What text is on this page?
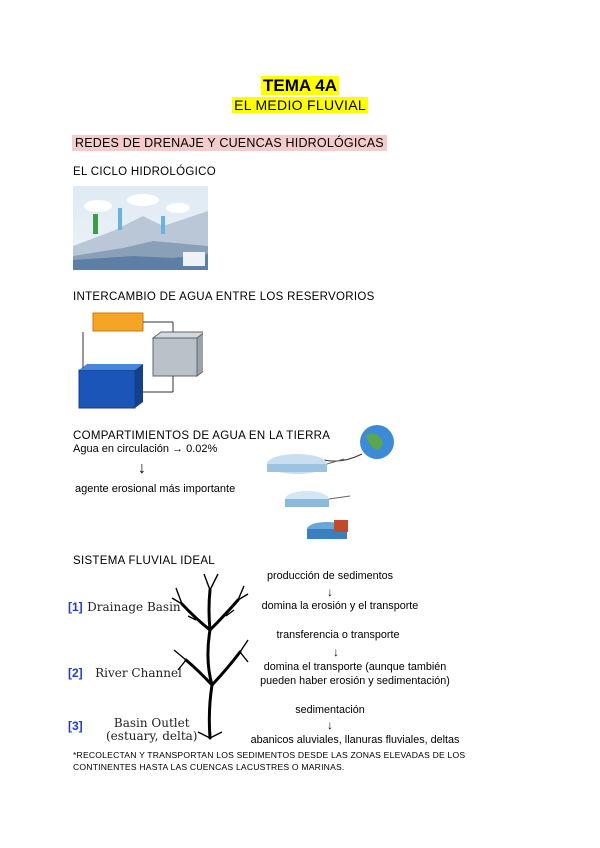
TEMA 4A
EL MEDIO FLUVIAL
REDES DE DRENAJE Y CUENCAS HIDROLÓGICAS
EL CICLO HIDROLÓGICO
INTERCAMBIO DE AGUA ENTRE LOS RESERVORIOS
COMPARTIMIENTOS DE AGUA EN LA TIERRA
Agua en circulación → 0.02%
↓
agente erosional más importante
SISTEMA FLUVIAL IDEAL
[1] Drainage Basin
[2] River Channel
[3]	Basin Outlet
(estuary, delta)
producción de sedimentos
↓
domina la erosión y el transporte
transferencia o transporte
↓
domina el transporte (aunque también
pueden haber erosión y sedimentación)
sedimentación
↓
abanicos aluviales, llanuras fluviales, deltas
*RECOLECTAN Y TRANSPORTAN LOS SEDIMENTOS DESDE LAS ZONAS ELEVADAS DE LOS
CONTINENTES HASTA LAS CUENCAS LACUSTRES O MARINAS.
